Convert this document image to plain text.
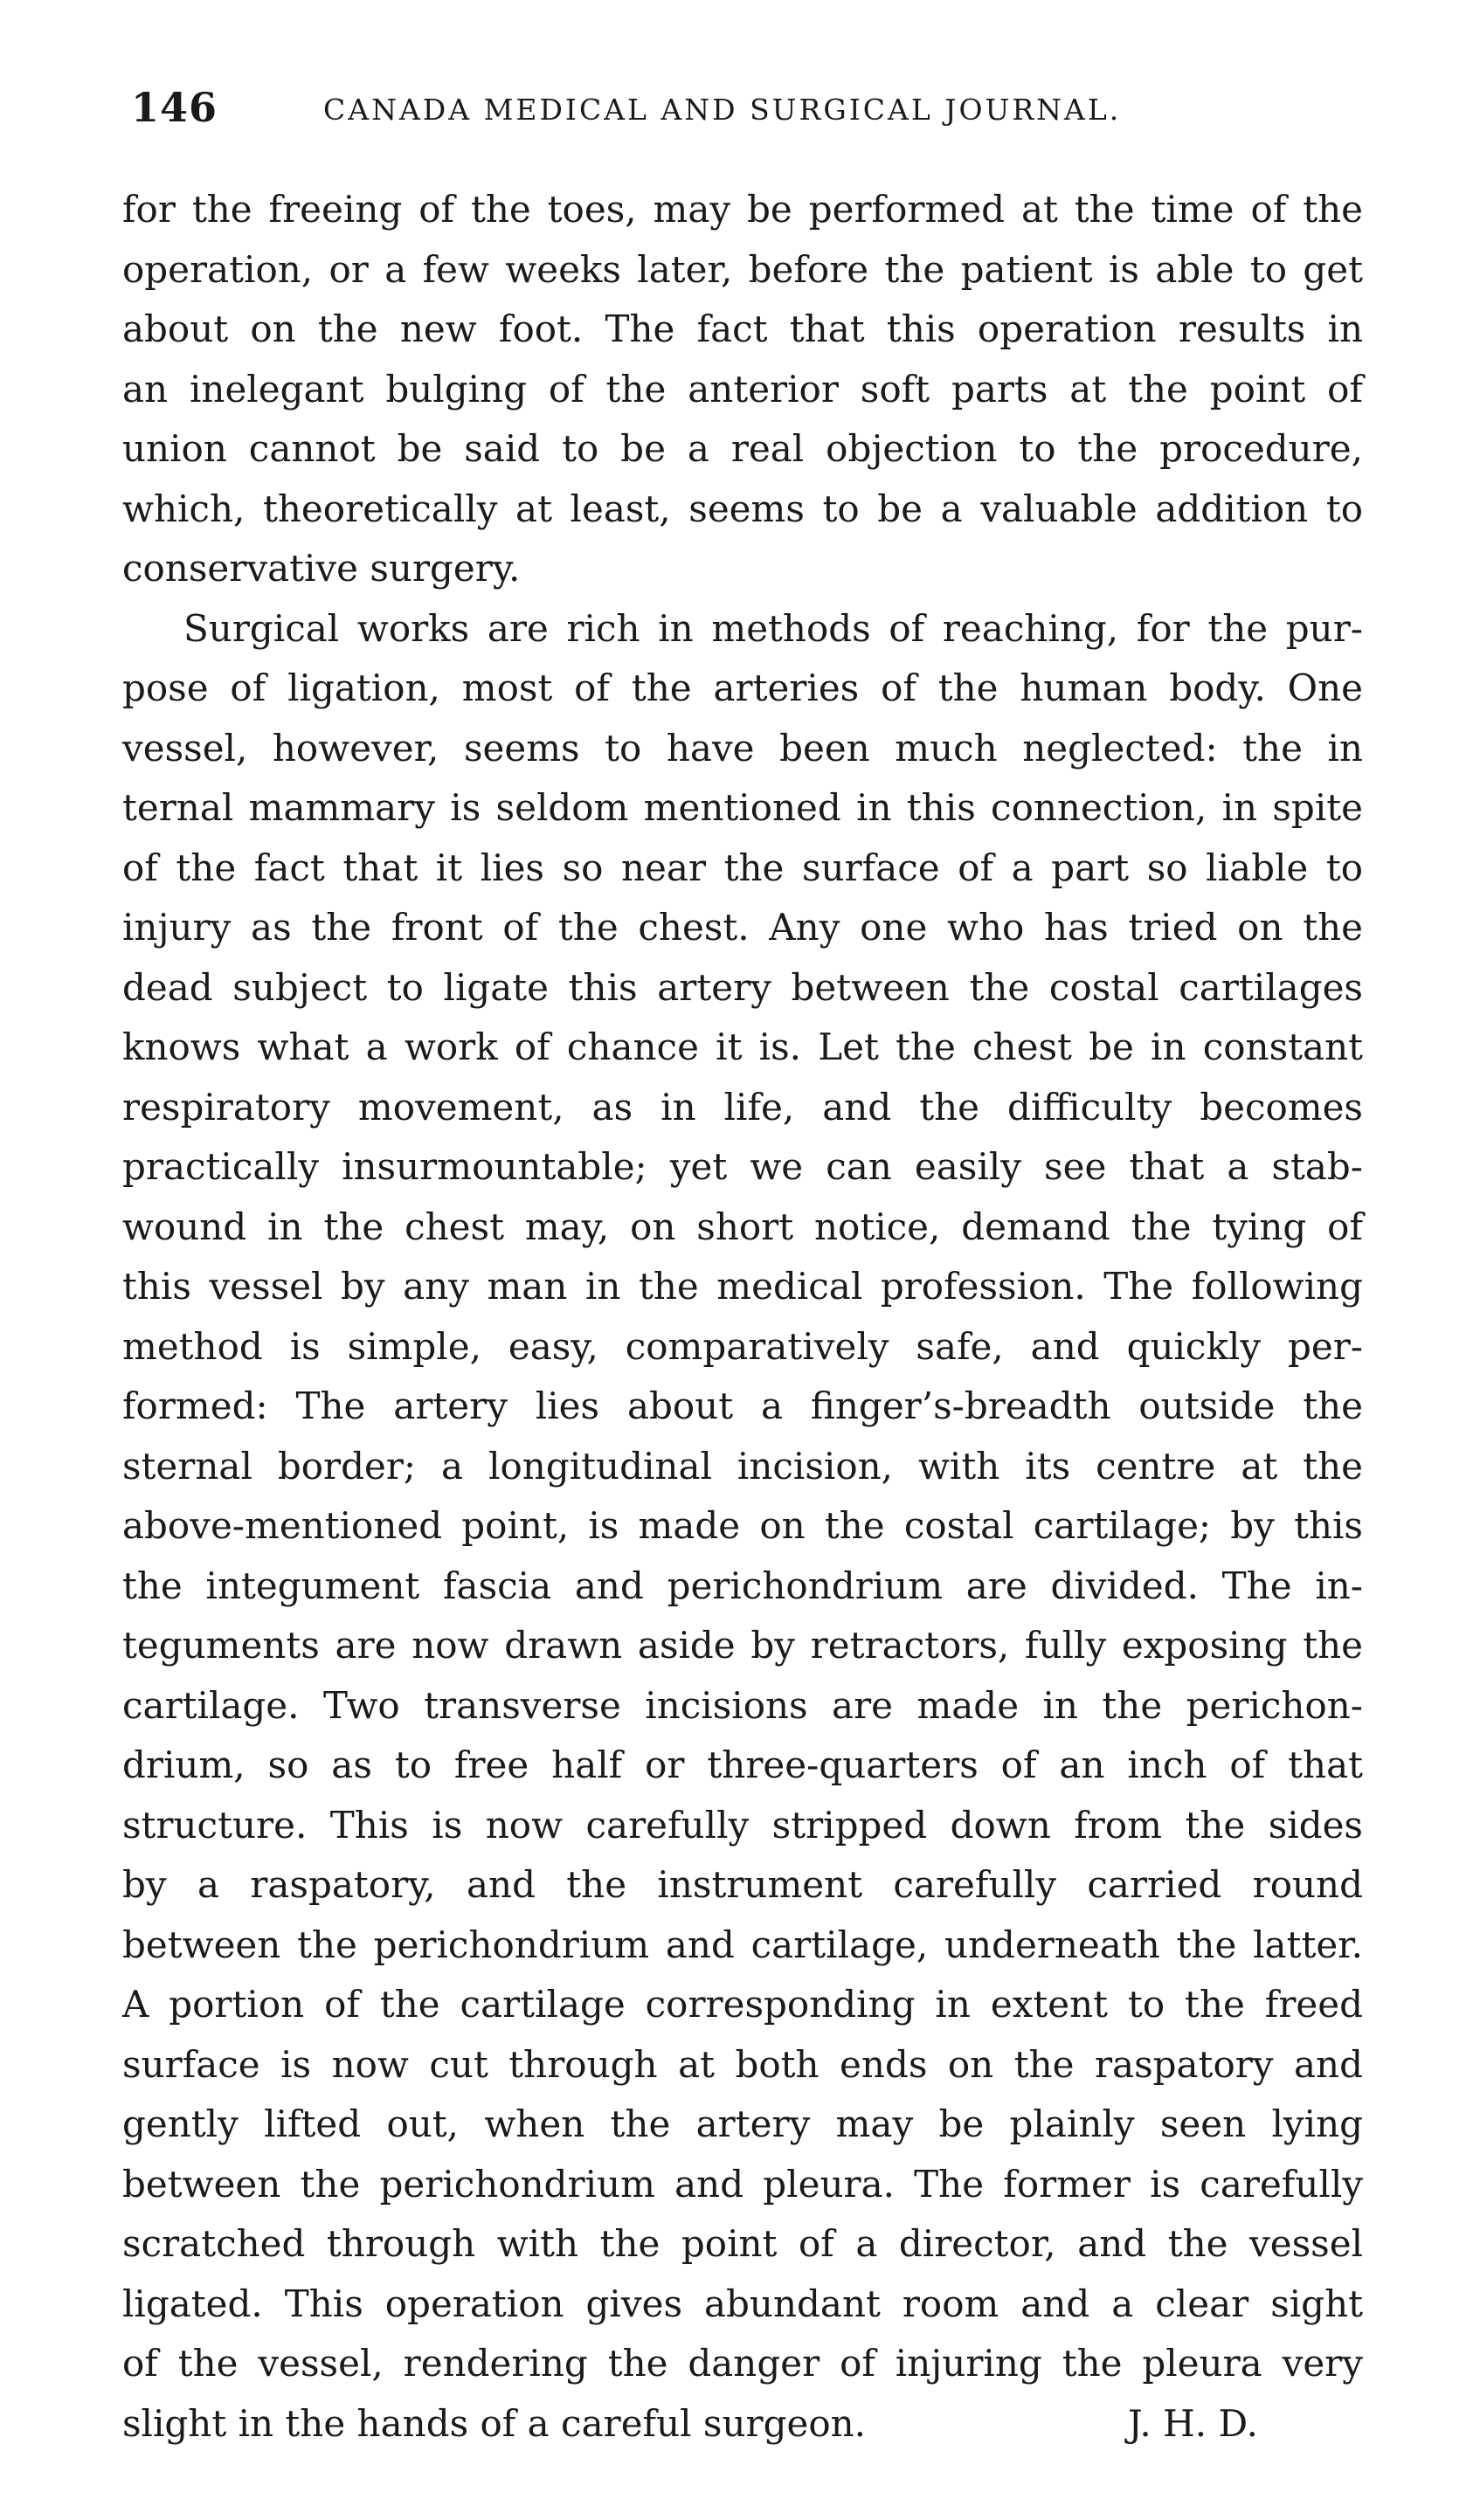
146	CANADA MEDICAL AND SURGICAL JOURNAL.
for the freeing of the toes, may be performed at the time of the
operation, or a few weeks later, before the patient is able to get
about on the new foot. The fact that this operation results in
an inelegant bulging of the anterior soft parts at the point of
union cannot be said to be a real objection to the procedure,
which, theoretically at least, seems to be a valuable addition to
conservative surgery.
Surgical works are rich in methods of reaching, for the pur-
pose of ligation, most of the arteries of the human body. One
vessel, however, seems to have been much neglected: the in
ternal mammary is seldom mentioned in this connection, in spite
of the fact that it lies so near the surface of a part so liable to
injury as the front of the chest. Any one who has tried on the
dead subject to ligate this artery between the costal cartilages
knows what a work of chance it is. Let the chest be in constant
respiratory movement, as in life, and the difficulty becomes
practically insurmountable; yet we can easily see that a stab-
wound in the chest may, on short notice, demand the tying of
this vessel by any man in the medical profession. The following
method is simple, easy, comparatively safe, and quickly per-
formed: The artery lies about a finger’s-breadth outside the
sternal border; a longitudinal incision, with its centre at the
above-mentioned point, is made on the costal cartilage; by this
the integument fascia and perichondrium are divided. The in-
teguments are now drawn aside by retractors, fully exposing the
cartilage. Two transverse incisions are made in the perichon-
drium, so as to free half or three-quarters of an inch of that
structure. This is now carefully stripped down from the sides
by a raspatory, and the instrument carefully carried round
between the perichondrium and cartilage, underneath the latter.
A portion of the cartilage corresponding in extent to the freed
surface is now cut through at both ends on the raspatory and
gently lifted out, when the artery may be plainly seen lying
between the perichondrium and pleura. The former is carefully
scratched through with the point of a director, and the vessel
ligated. This operation gives abundant room and a clear sight
of the vessel, rendering the danger of injuring the pleura very
slight in the hands of a careful surgeon.	J. H. D.
